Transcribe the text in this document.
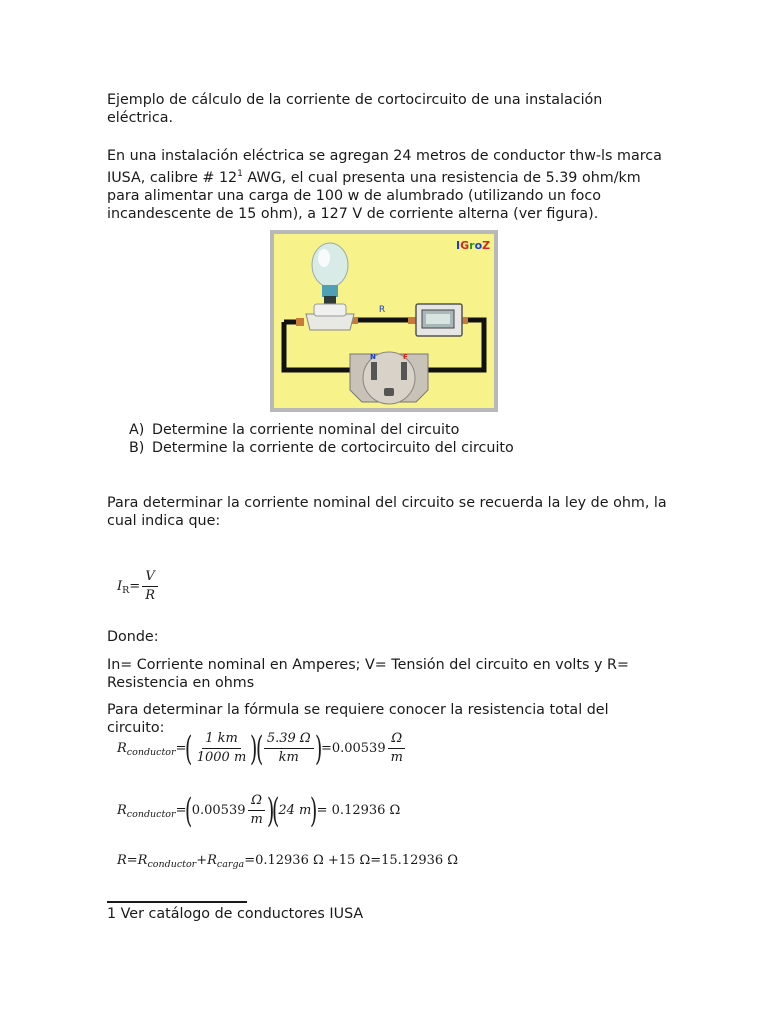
Ejemplo de cálculo de la corriente de cortocircuito de una instalación eléctrica.

En una instalación eléctrica se agregan 24 metros de conductor thw-ls marca IUSA, calibre # $12^1$ AWG, el cual presenta una resistencia de 5.39 ohm/km para alimentar una carga de 100 w de alumbrado (utilizando un foco incandescente de 15 ohm), a 127 V de corriente alterna (ver figura).

R
N	F
IGroZ
A) Determine la corriente nominal del circuito
B) Determine la corriente de cortocircuito del circuito

Para determinar la corriente nominal del circuito se recuerda la ley de ohm, la cual indica que:

I $R = \frac{V}{R}$

Donde:

In= Corriente nominal en Amperes; V= Tensión del circuito en volts y R= Resistencia en ohms

Para determinar la fórmula se requiere conocer la resistencia total del circuito:

R conductor =
( $\frac{1 km}{1000 m}$ )
( $\frac{5.39 \Omega}{km}$ )
$=0.00539 \frac{\Omega}{m}$
R conductor =
(
$0.00539 \frac{\Omega}{m}$ )
(
24 m
)
= 0.12936 Ω
R=R conductor +R carga =0.12936 Ω +15 Ω=15.12936 Ω

1 Ver catálogo de conductores IUSA
